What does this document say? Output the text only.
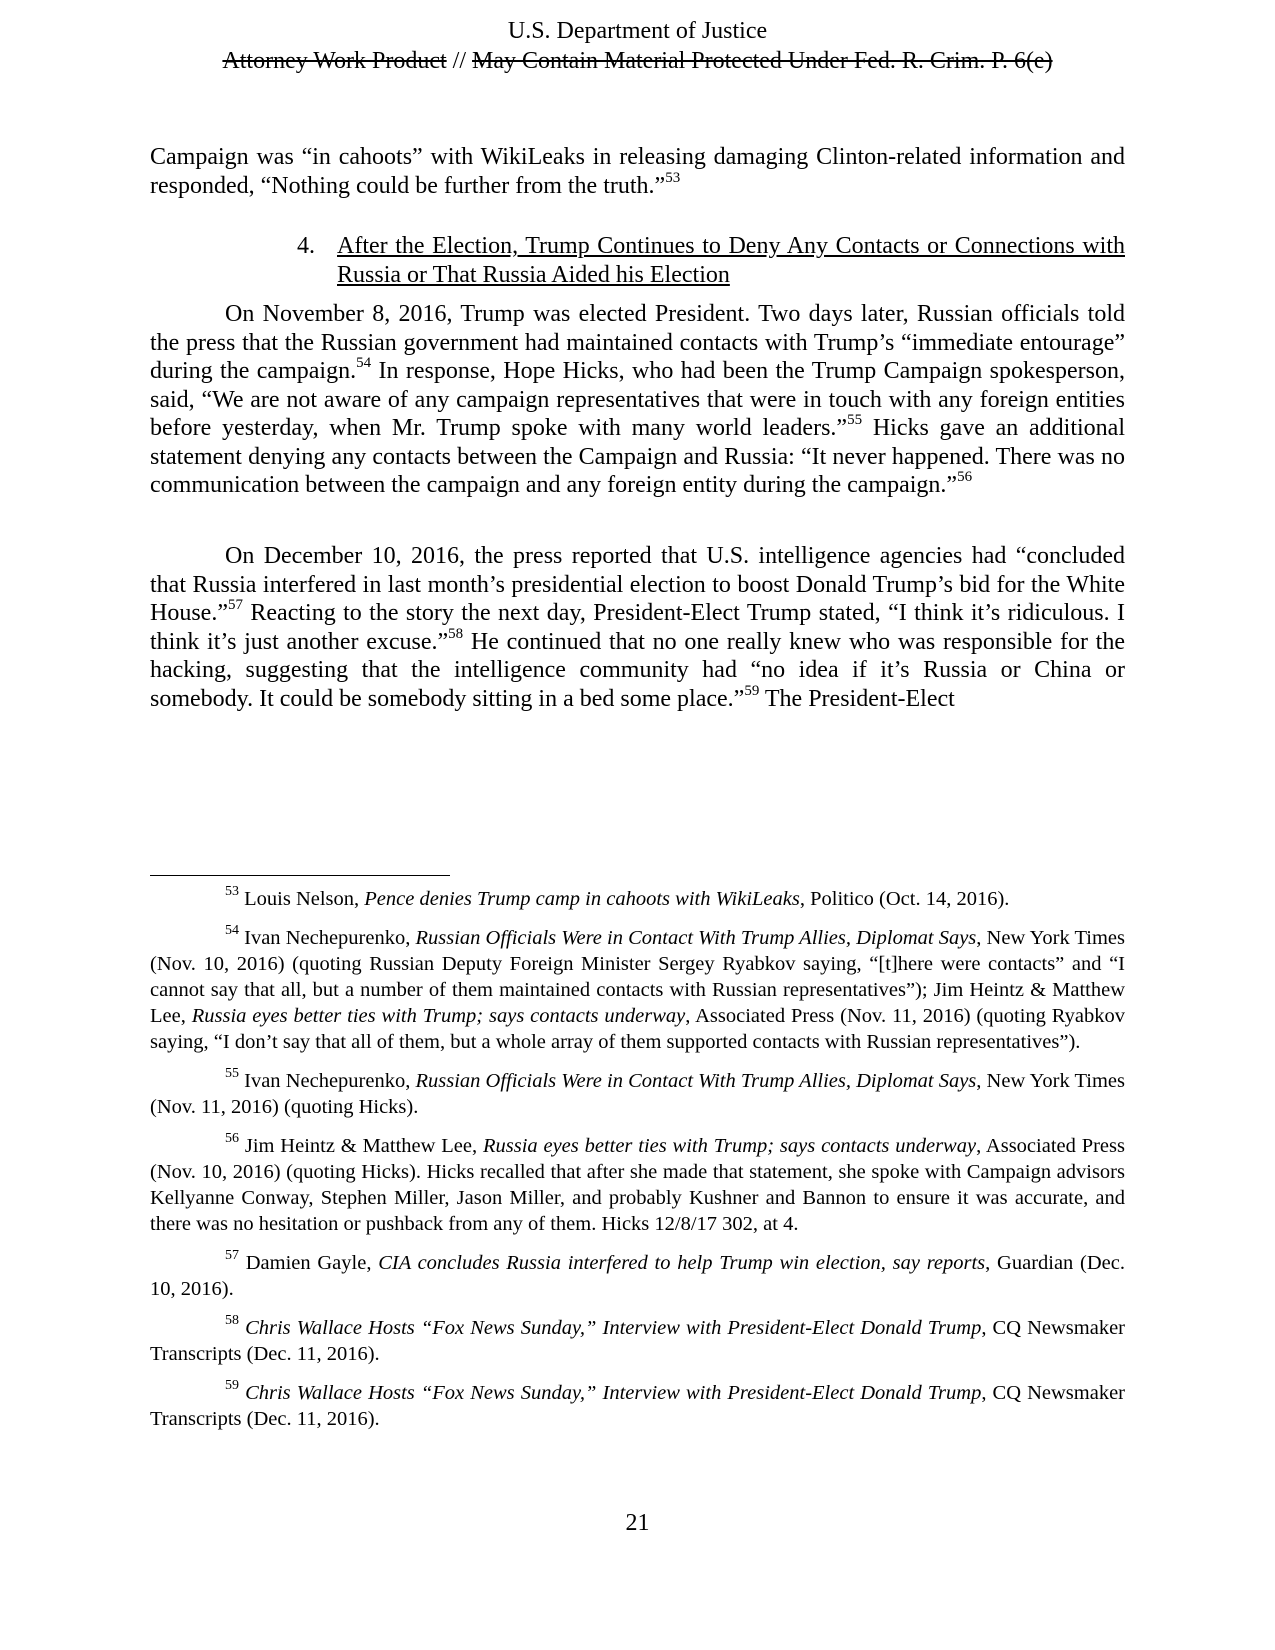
U.S. Department of Justice
Attorney Work Product // May Contain Material Protected Under Fed. R. Crim. P. 6(e)

Campaign was “in cahoots” with WikiLeaks in releasing damaging Clinton-related information and responded, “Nothing could be further from the truth.”$^{53}$

4. After the Election, Trump Continues to Deny Any Contacts or Connections with Russia or That Russia Aided his Election

On November 8, 2016, Trump was elected President. Two days later, Russian officials told the press that the Russian government had maintained contacts with Trump’s “immediate entourage” during the campaign.$^{54}$ In response, Hope Hicks, who had been the Trump Campaign spokesperson, said, “We are not aware of any campaign representatives that were in touch with any foreign entities before yesterday, when Mr. Trump spoke with many world leaders.”$^{55}$ Hicks gave an additional statement denying any contacts between the Campaign and Russia: “It never happened. There was no communication between the campaign and any foreign entity during the campaign.”$^{56}$

On December 10, 2016, the press reported that U.S. intelligence agencies had “concluded that Russia interfered in last month’s presidential election to boost Donald Trump’s bid for the White House.”$^{57}$ Reacting to the story the next day, President-Elect Trump stated, “I think it’s ridiculous. I think it’s just another excuse.”$^{58}$ He continued that no one really knew who was responsible for the hacking, suggesting that the intelligence community had “no idea if it’s Russia or China or somebody. It could be somebody sitting in a bed some place.”$^{59}$ The President-Elect

$^{53}$ Louis Nelson, Pence denies Trump camp in cahoots with WikiLeaks, Politico (Oct. 14, 2016).

$^{54}$ Ivan Nechepurenko, Russian Officials Were in Contact With Trump Allies, Diplomat Says, New York Times (Nov. 10, 2016) (quoting Russian Deputy Foreign Minister Sergey Ryabkov saying, “[t]here were contacts” and “I cannot say that all, but a number of them maintained contacts with Russian representatives”); Jim Heintz & Matthew Lee, Russia eyes better ties with Trump; says contacts underway, Associated Press (Nov. 11, 2016) (quoting Ryabkov saying, “I don’t say that all of them, but a whole array of them supported contacts with Russian representatives”).

$^{55}$ Ivan Nechepurenko, Russian Officials Were in Contact With Trump Allies, Diplomat Says, New York Times (Nov. 11, 2016) (quoting Hicks).

$^{56}$ Jim Heintz & Matthew Lee, Russia eyes better ties with Trump; says contacts underway, Associated Press (Nov. 10, 2016) (quoting Hicks). Hicks recalled that after she made that statement, she spoke with Campaign advisors Kellyanne Conway, Stephen Miller, Jason Miller, and probably Kushner and Bannon to ensure it was accurate, and there was no hesitation or pushback from any of them. Hicks 12/8/17 302, at 4.

$^{57}$ Damien Gayle, CIA concludes Russia interfered to help Trump win election, say reports, Guardian (Dec. 10, 2016).

$^{58}$ Chris Wallace Hosts “Fox News Sunday,” Interview with President-Elect Donald Trump, CQ Newsmaker Transcripts (Dec. 11, 2016).

$^{59}$ Chris Wallace Hosts “Fox News Sunday,” Interview with President-Elect Donald Trump, CQ Newsmaker Transcripts (Dec. 11, 2016).

21
